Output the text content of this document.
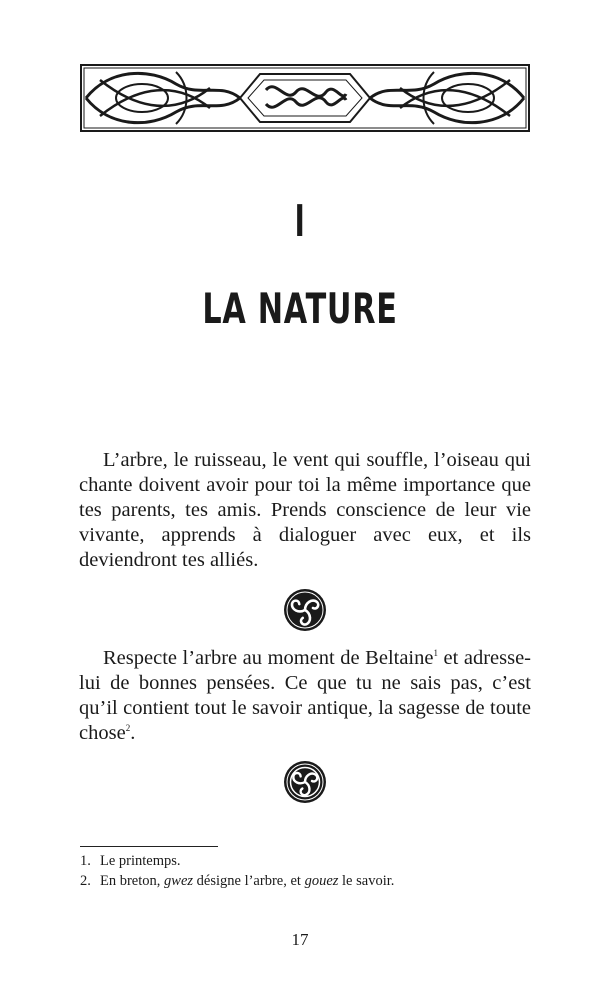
I
LA NATURE

L’arbre, le ruisseau, le vent qui souffle, l’oiseau qui chante doivent avoir pour toi la même importance que tes parents, tes amis. Prends conscience de leur vie vivante, apprends à dialoguer avec eux, et ils deviendront tes alliés.

Respecte l’arbre au moment de Beltaine$^1$ et adresse-lui de bonnes pensées. Ce que tu ne sais pas, c’est qu’il contient tout le savoir antique, la sagesse de toute chose$^2$.

1. Le printemps.
2. En breton, gwez désigne l’arbre, et gouez le savoir.
17
